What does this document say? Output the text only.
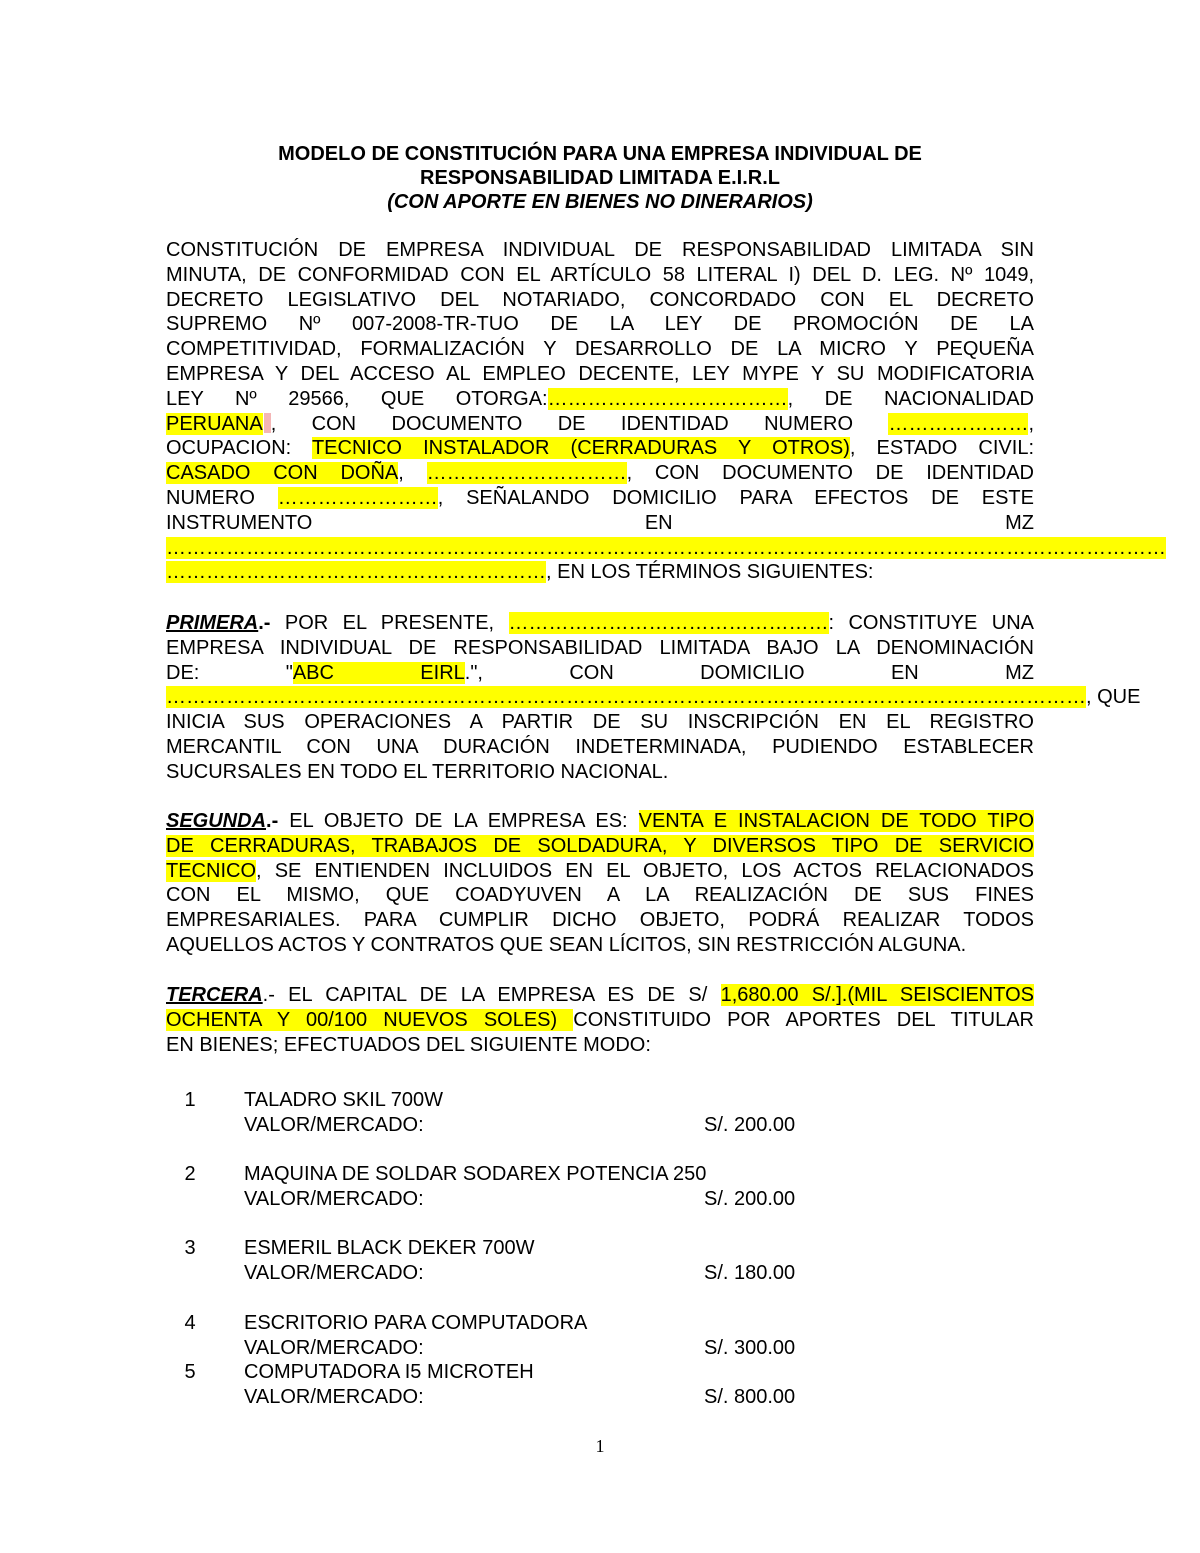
MODELO DE CONSTITUCIÓN PARA UNA EMPRESA INDIVIDUAL DE
RESPONSABILIDAD LIMITADA E.I.R.L
(CON APORTE EN BIENES NO DINERARIOS)
CONSTITUCIÓN DE EMPRESA INDIVIDUAL DE RESPONSABILIDAD LIMITADA SIN
MINUTA, DE CONFORMIDAD CON EL ARTÍCULO 58 LITERAL I) DEL D. LEG. Nº 1049,
DECRETO LEGISLATIVO DEL NOTARIADO, CONCORDADO CON EL DECRETO
SUPREMO Nº 007-2008-TR-TUO DE LA LEY DE PROMOCIÓN DE LA
COMPETITIVIDAD, FORMALIZACIÓN Y DESARROLLO DE LA MICRO Y PEQUEÑA
EMPRESA Y DEL ACCESO AL EMPLEO DECENTE, LEY MYPE Y SU MODIFICATORIA
LEY Nº 29566, QUE OTORGA:………………………………, DE NACIONALIDAD
PERUANA , CON DOCUMENTO DE IDENTIDAD NUMERO …………………,
OCUPACION: TECNICO INSTALADOR (CERRADURAS Y OTROS), ESTADO CIVIL:
CASADO CON DOÑA, …………………………, CON DOCUMENTO DE IDENTIDAD
NUMERO ……………………, SEÑALANDO DOMICILIO PARA EFECTOS DE ESTE
INSTRUMENTO EN MZ
……………………………………………………………………………………………………………………………………
…………………………………………………, EN LOS TÉRMINOS SIGUIENTES:
PRIMERA.- POR EL PRESENTE, …………………………………………: CONSTITUYE UNA
EMPRESA INDIVIDUAL DE RESPONSABILIDAD LIMITADA BAJO LA DENOMINACIÓN
DE: "ABC EIRL.", CON DOMICILIO EN MZ
…………………………………………………………………………………………………………………………, QUE
INICIA SUS OPERACIONES A PARTIR DE SU INSCRIPCIÓN EN EL REGISTRO
MERCANTIL CON UNA DURACIÓN INDETERMINADA, PUDIENDO ESTABLECER
SUCURSALES EN TODO EL TERRITORIO NACIONAL.
SEGUNDA.- EL OBJETO DE LA EMPRESA ES: VENTA E INSTALACION DE TODO TIPO
DE CERRADURAS, TRABAJOS DE SOLDADURA, Y DIVERSOS TIPO DE SERVICIO
TECNICO, SE ENTIENDEN INCLUIDOS EN EL OBJETO, LOS ACTOS RELACIONADOS
CON EL MISMO, QUE COADYUVEN A LA REALIZACIÓN DE SUS FINES
EMPRESARIALES. PARA CUMPLIR DICHO OBJETO, PODRÁ REALIZAR TODOS
AQUELLOS ACTOS Y CONTRATOS QUE SEAN LÍCITOS, SIN RESTRICCIÓN ALGUNA.
TERCERA.- EL CAPITAL DE LA EMPRESA ES DE S/ 1,680.00 S/.].(MIL SEISCIENTOS
OCHENTA Y 00/100 NUEVOS SOLES) CONSTITUIDO POR APORTES DEL TITULAR
EN BIENES; EFECTUADOS DEL SIGUIENTE MODO:
1 TALADRO SKIL 700W
VALOR/MERCADO:	S/. 200.00
2 MAQUINA DE SOLDAR SODAREX POTENCIA 250
VALOR/MERCADO:	S/. 200.00
3 ESMERIL BLACK DEKER 700W
VALOR/MERCADO:	S/. 180.00
4 ESCRITORIO PARA COMPUTADORA
VALOR/MERCADO:	S/. 300.00
5 COMPUTADORA I5 MICROTEH
VALOR/MERCADO:	S/. 800.00
1
